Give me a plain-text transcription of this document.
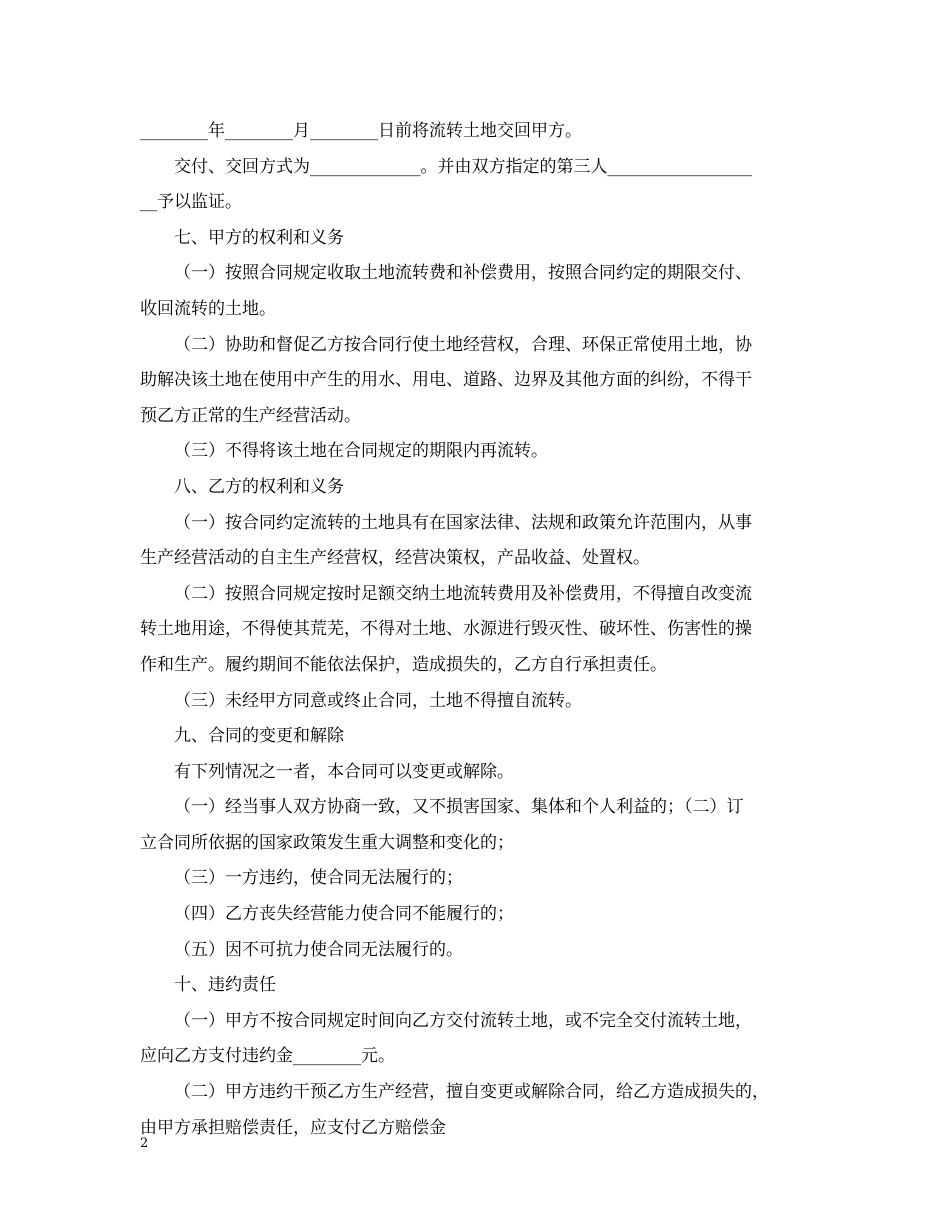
________年________月________日前将流转土地交回甲方。
交付、交回方式为_____________。并由双方指定的第三人_________________
__予以监证。
七、甲方的权利和义务
（一）按照合同规定收取土地流转费和补偿费用，按照合同约定的期限交付、
收回流转的土地。
（二）协助和督促乙方按合同行使土地经营权，合理、环保正常使用土地，协
助解决该土地在使用中产生的用水、用电、道路、边界及其他方面的纠纷，不得干
预乙方正常的生产经营活动。
（三）不得将该土地在合同规定的期限内再流转。
八、乙方的权利和义务
（一）按合同约定流转的土地具有在国家法律、法规和政策允许范围内，从事
生产经营活动的自主生产经营权，经营决策权，产品收益、处置权。
（二）按照合同规定按时足额交纳土地流转费用及补偿费用，不得擅自改变流
转土地用途，不得使其荒芜，不得对土地、水源进行毁灭性、破坏性、伤害性的操
作和生产。履约期间不能依法保护，造成损失的，乙方自行承担责任。
（三）未经甲方同意或终止合同，土地不得擅自流转。
九、合同的变更和解除
有下列情况之一者，本合同可以变更或解除。
（一）经当事人双方协商一致，又不损害国家、集体和个人利益的；（二）订
立合同所依据的国家政策发生重大调整和变化的；
（三）一方违约，使合同无法履行的；
（四）乙方丧失经营能力使合同不能履行的；
（五）因不可抗力使合同无法履行的。
十、违约责任
（一）甲方不按合同规定时间向乙方交付流转土地，或不完全交付流转土地，
应向乙方支付违约金________元。
（二）甲方违约干预乙方生产经营，擅自变更或解除合同，给乙方造成损失的，
由甲方承担赔偿责任，应支付乙方赔偿金
2
